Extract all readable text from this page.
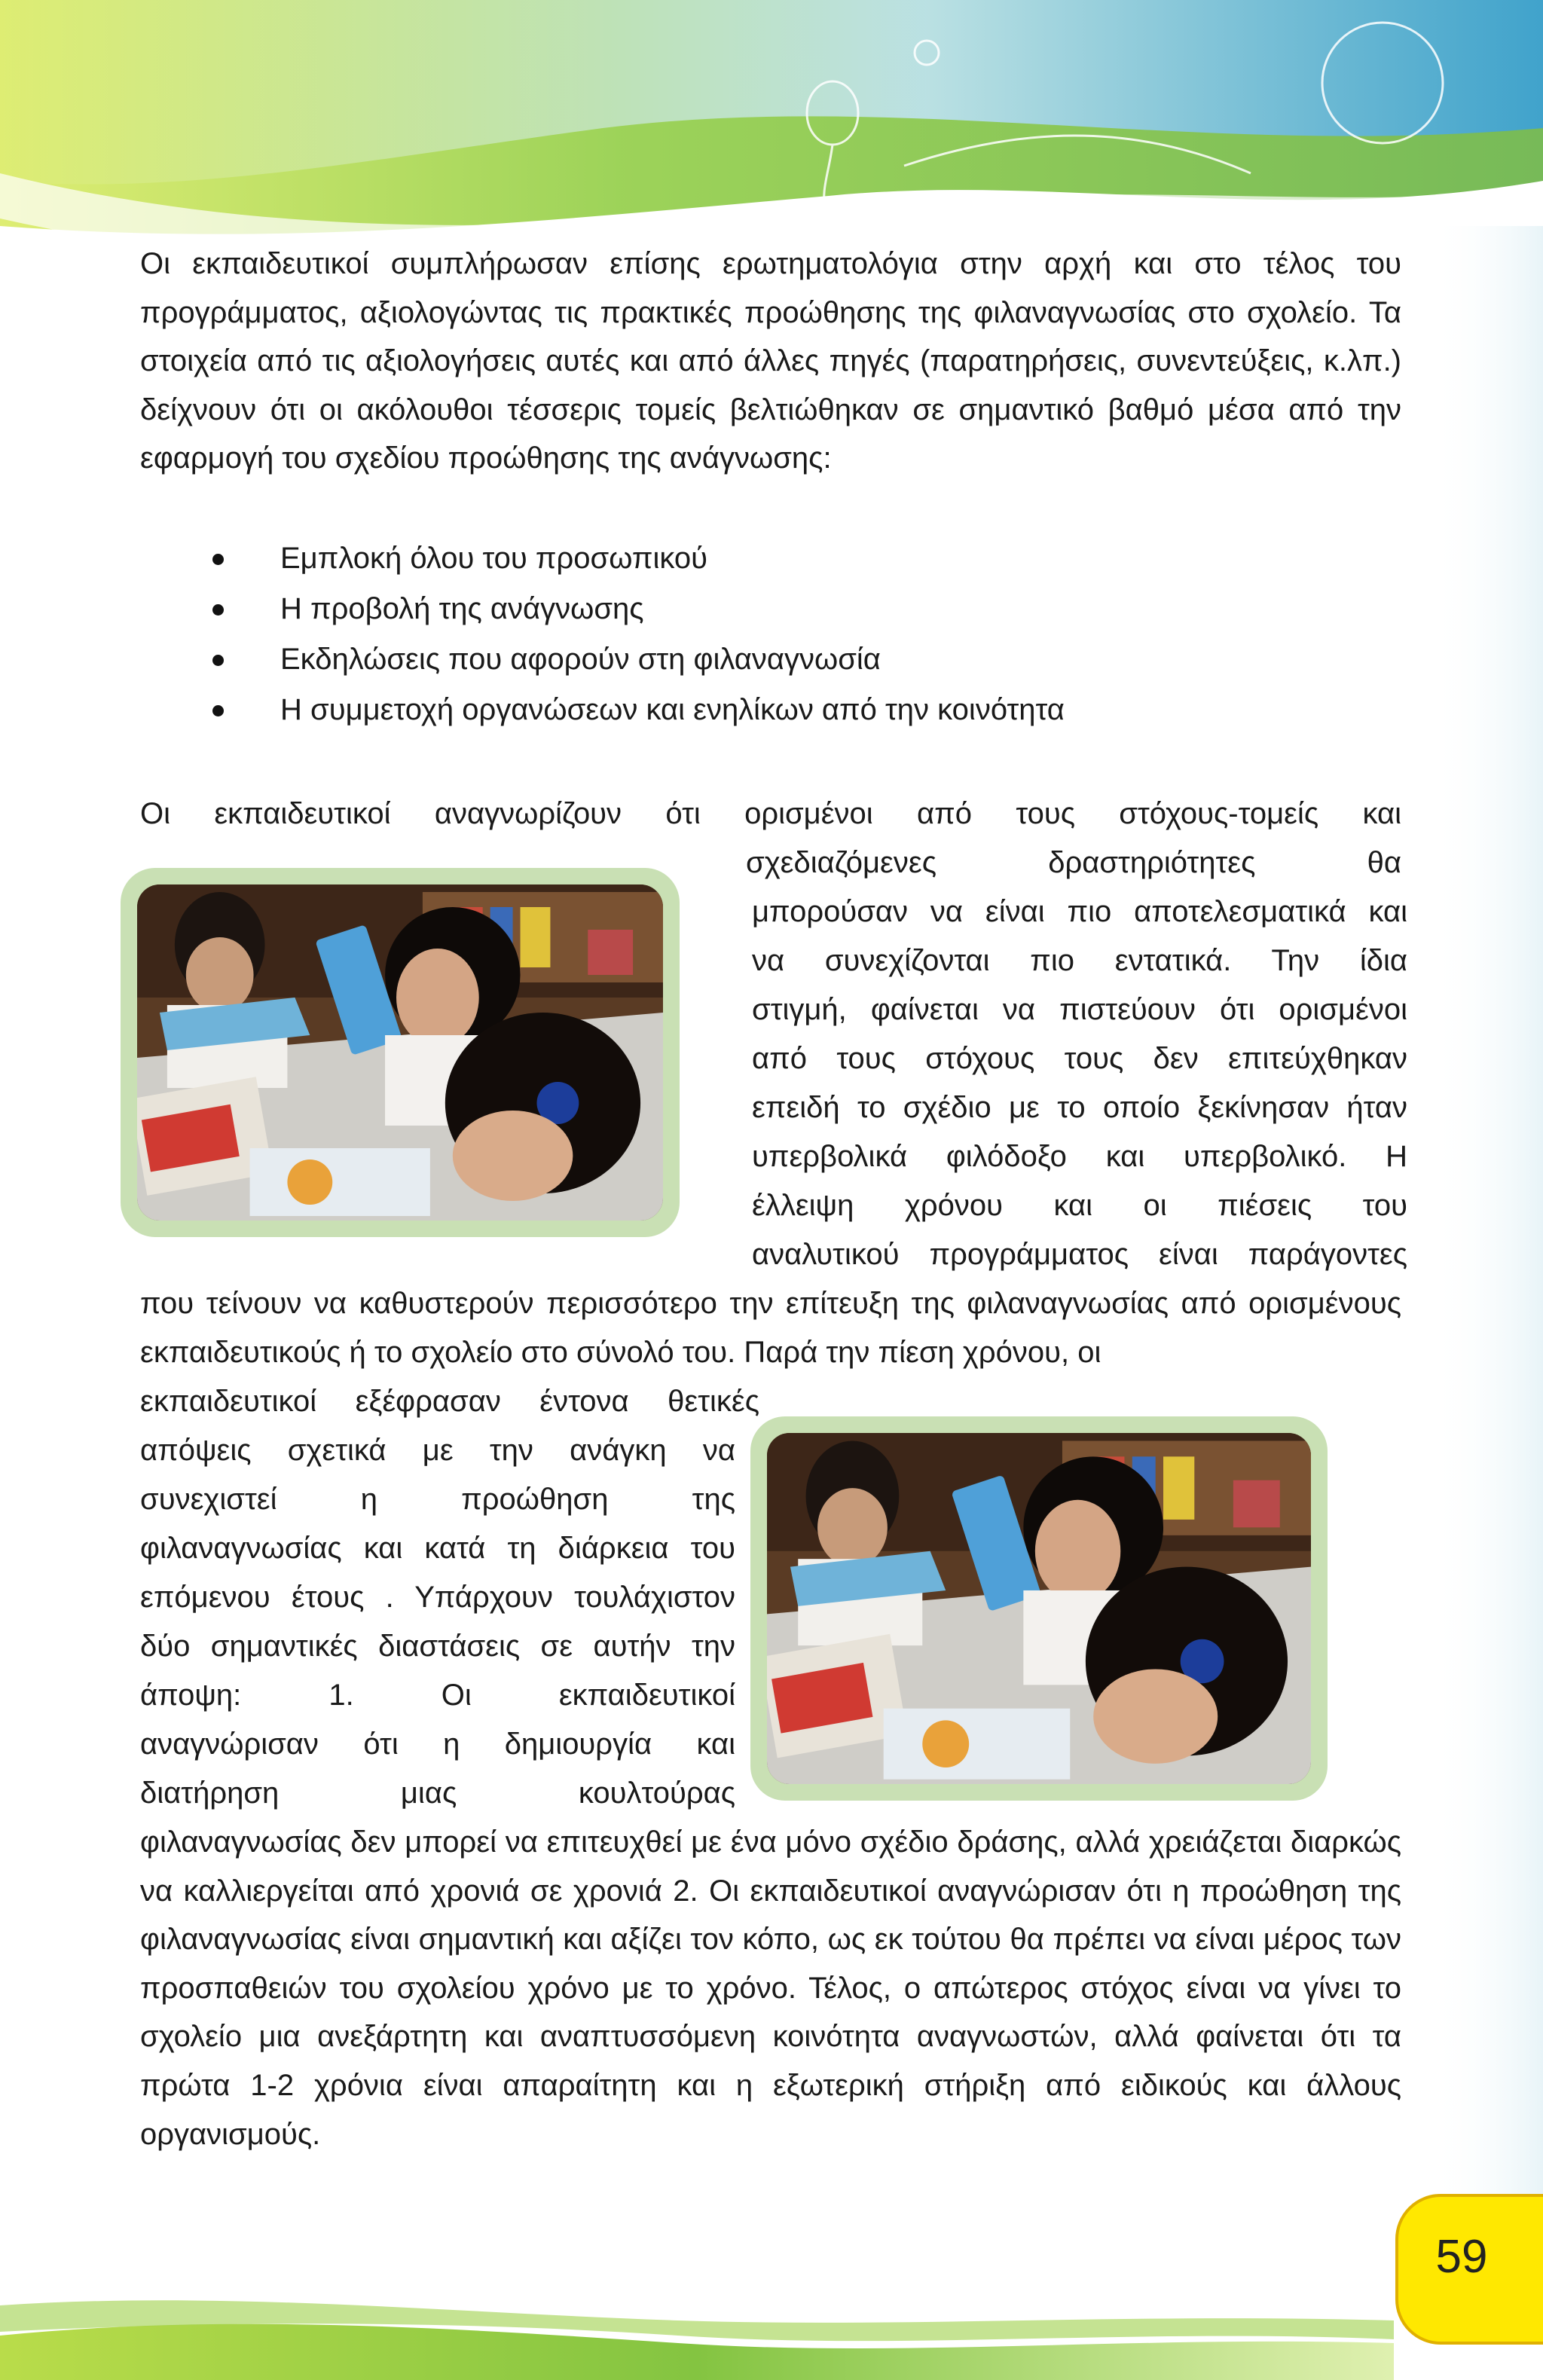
Οι εκπαιδευτικοί συμπλήρωσαν επίσης ερωτηματολόγια στην αρχή και στο τέλος του προγράμματος, αξιολογώντας τις πρακτικές προώθησης της φιλαναγνωσίας στο σχολείο. Τα στοιχεία από τις αξιολογήσεις αυτές και από άλλες πηγές (παρατηρήσεις, συνεντεύξεις, κ.λπ.) δείχνουν ότι οι ακόλουθοι τέσσερις τομείς βελτιώθηκαν σε σημαντικό βαθμό μέσα από την εφαρμογή του σχεδίου προώθησης της ανάγνωσης:

Εμπλοκή όλου του προσωπικού
Η προβολή της ανάγνωσης
Εκδηλώσεις που αφορούν στη φιλαναγνωσία
Η συμμετοχή οργανώσεων και ενηλίκων από την κοινότητα

Οι εκπαιδευτικοί αναγνωρίζουν ότι ορισμένοι από τους στόχους-τομείς και

σχεδιαζόμενες δραστηριότητες θα

μπορούσαν να είναι πιο αποτελεσματικά και

να συνεχίζονται πιο εντατικά. Την ίδια

στιγμή, φαίνεται να πιστεύουν ότι ορισμένοι

από τους στόχους τους δεν επιτεύχθηκαν

επειδή το σχέδιο με το οποίο ξεκίνησαν ήταν

υπερβολικά φιλόδοξο και υπερβολικό. Η

έλλειψη χρόνου και οι πιέσεις του

αναλυτικού προγράμματος είναι παράγοντες

που τείνουν να καθυστερούν περισσότερο την επίτευξη της φιλαναγνωσίας από ορισμένους εκπαιδευτικούς ή το σχολείο στο σύνολό του. Παρά την πίεση χρόνου, οι

εκπαιδευτικοί εξέφρασαν έντονα θετικές

απόψεις σχετικά με την ανάγκη να

συνεχιστεί η προώθηση της

φιλαναγνωσίας και κατά τη διάρκεια του

επόμενου έτους . Υπάρχουν τουλάχιστον

δύο σημαντικές διαστάσεις σε αυτήν την

άποψη: 1. Οι εκπαιδευτικοί

αναγνώρισαν ότι η δημιουργία και

διατήρηση μιας κουλτούρας

φιλαναγνωσίας δεν μπορεί να επιτευχθεί με ένα μόνο σχέδιο δράσης, αλλά χρειάζεται διαρκώς να καλλιεργείται από χρονιά σε χρονιά 2. Οι εκπαιδευτικοί αναγνώρισαν ότι η προώθηση της φιλαναγνωσίας είναι σημαντική και αξίζει τον κόπο, ως εκ τούτου θα πρέπει να είναι μέρος των προσπαθειών του σχολείου χρόνο με το χρόνο. Τέλος, ο απώτερος στόχος είναι να γίνει το σχολείο μια ανεξάρτητη και αναπτυσσόμενη κοινότητα αναγνωστών, αλλά φαίνεται ότι τα πρώτα 1-2 χρόνια είναι απαραίτητη και η εξωτερική στήριξη από ειδικούς και άλλους οργανισμούς.

59
